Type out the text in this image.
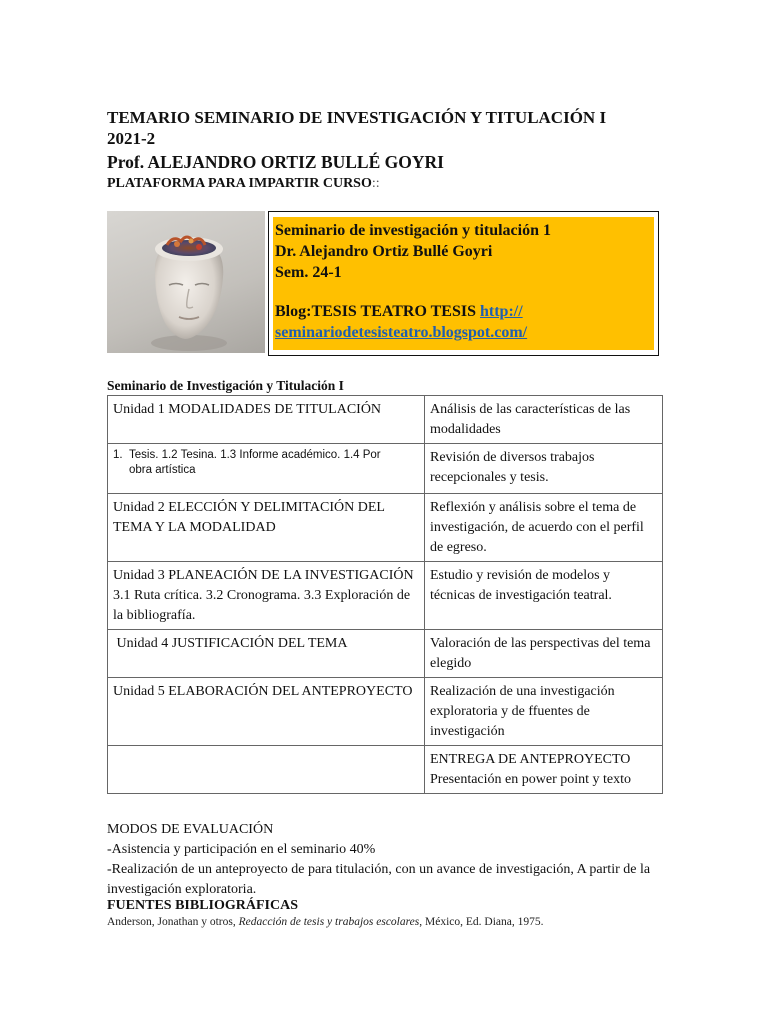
TEMARIO SEMINARIO DE INVESTIGACIÓN Y TITULACIÓN I
2021-2
Prof. ALEJANDRO ORTIZ BULLÉ GOYRI
PLATAFORMA PARA IMPARTIR CURSO::
Seminario de investigación y titulación 1
Dr. Alejandro Ortiz Bullé Goyri
Sem. 24-1
Blog:TESIS TEATRO TESIS http://
seminariodetesisteatro.blogspot.com/
Seminario de Investigación y Titulación I
Unidad 1 MODALIDADES DE TITULACIÓN	Análisis de las características de las modalidades

1. Tesis. 1.2 Tesina. 1.3 Informe académico. 1.4 Por
obra artística	Revisión de diversos trabajos recepcionales y tesis.
Unidad 2 ELECCIÓN Y DELIMITACIÓN DEL TEMA Y LA MODALIDAD	Reflexión y análisis sobre el tema de investigación, de acuerdo con el perfil de egreso.
Unidad 3 PLANEACIÓN DE LA INVESTIGACIÓN 3.1 Ruta crítica. 3.2 Cronograma. 3.3 Exploración de la bibliografía.	Estudio y revisión de modelos y técnicas de investigación teatral.
Unidad 4 JUSTIFICACIÓN DEL TEMA	Valoración de las perspectivas del tema elegido
Unidad 5 ELABORACIÓN DEL ANTEPROYECTO	Realización de una investigación exploratoria y de ffuentes de investigación

	ENTREGA DE ANTEPROYECTO
Presentación en power point y texto
MODOS DE EVALUACIÓN
-Asistencia y participación en el seminario 40%
-Realización de un anteproyecto de para titulación, con un avance de investigación, A partir de la investigación exploratoria.
FUENTES BIBLIOGRÁFICAS
Anderson, Jonathan y otros, Redacción de tesis y trabajos escolares, México, Ed. Diana, 1975.
